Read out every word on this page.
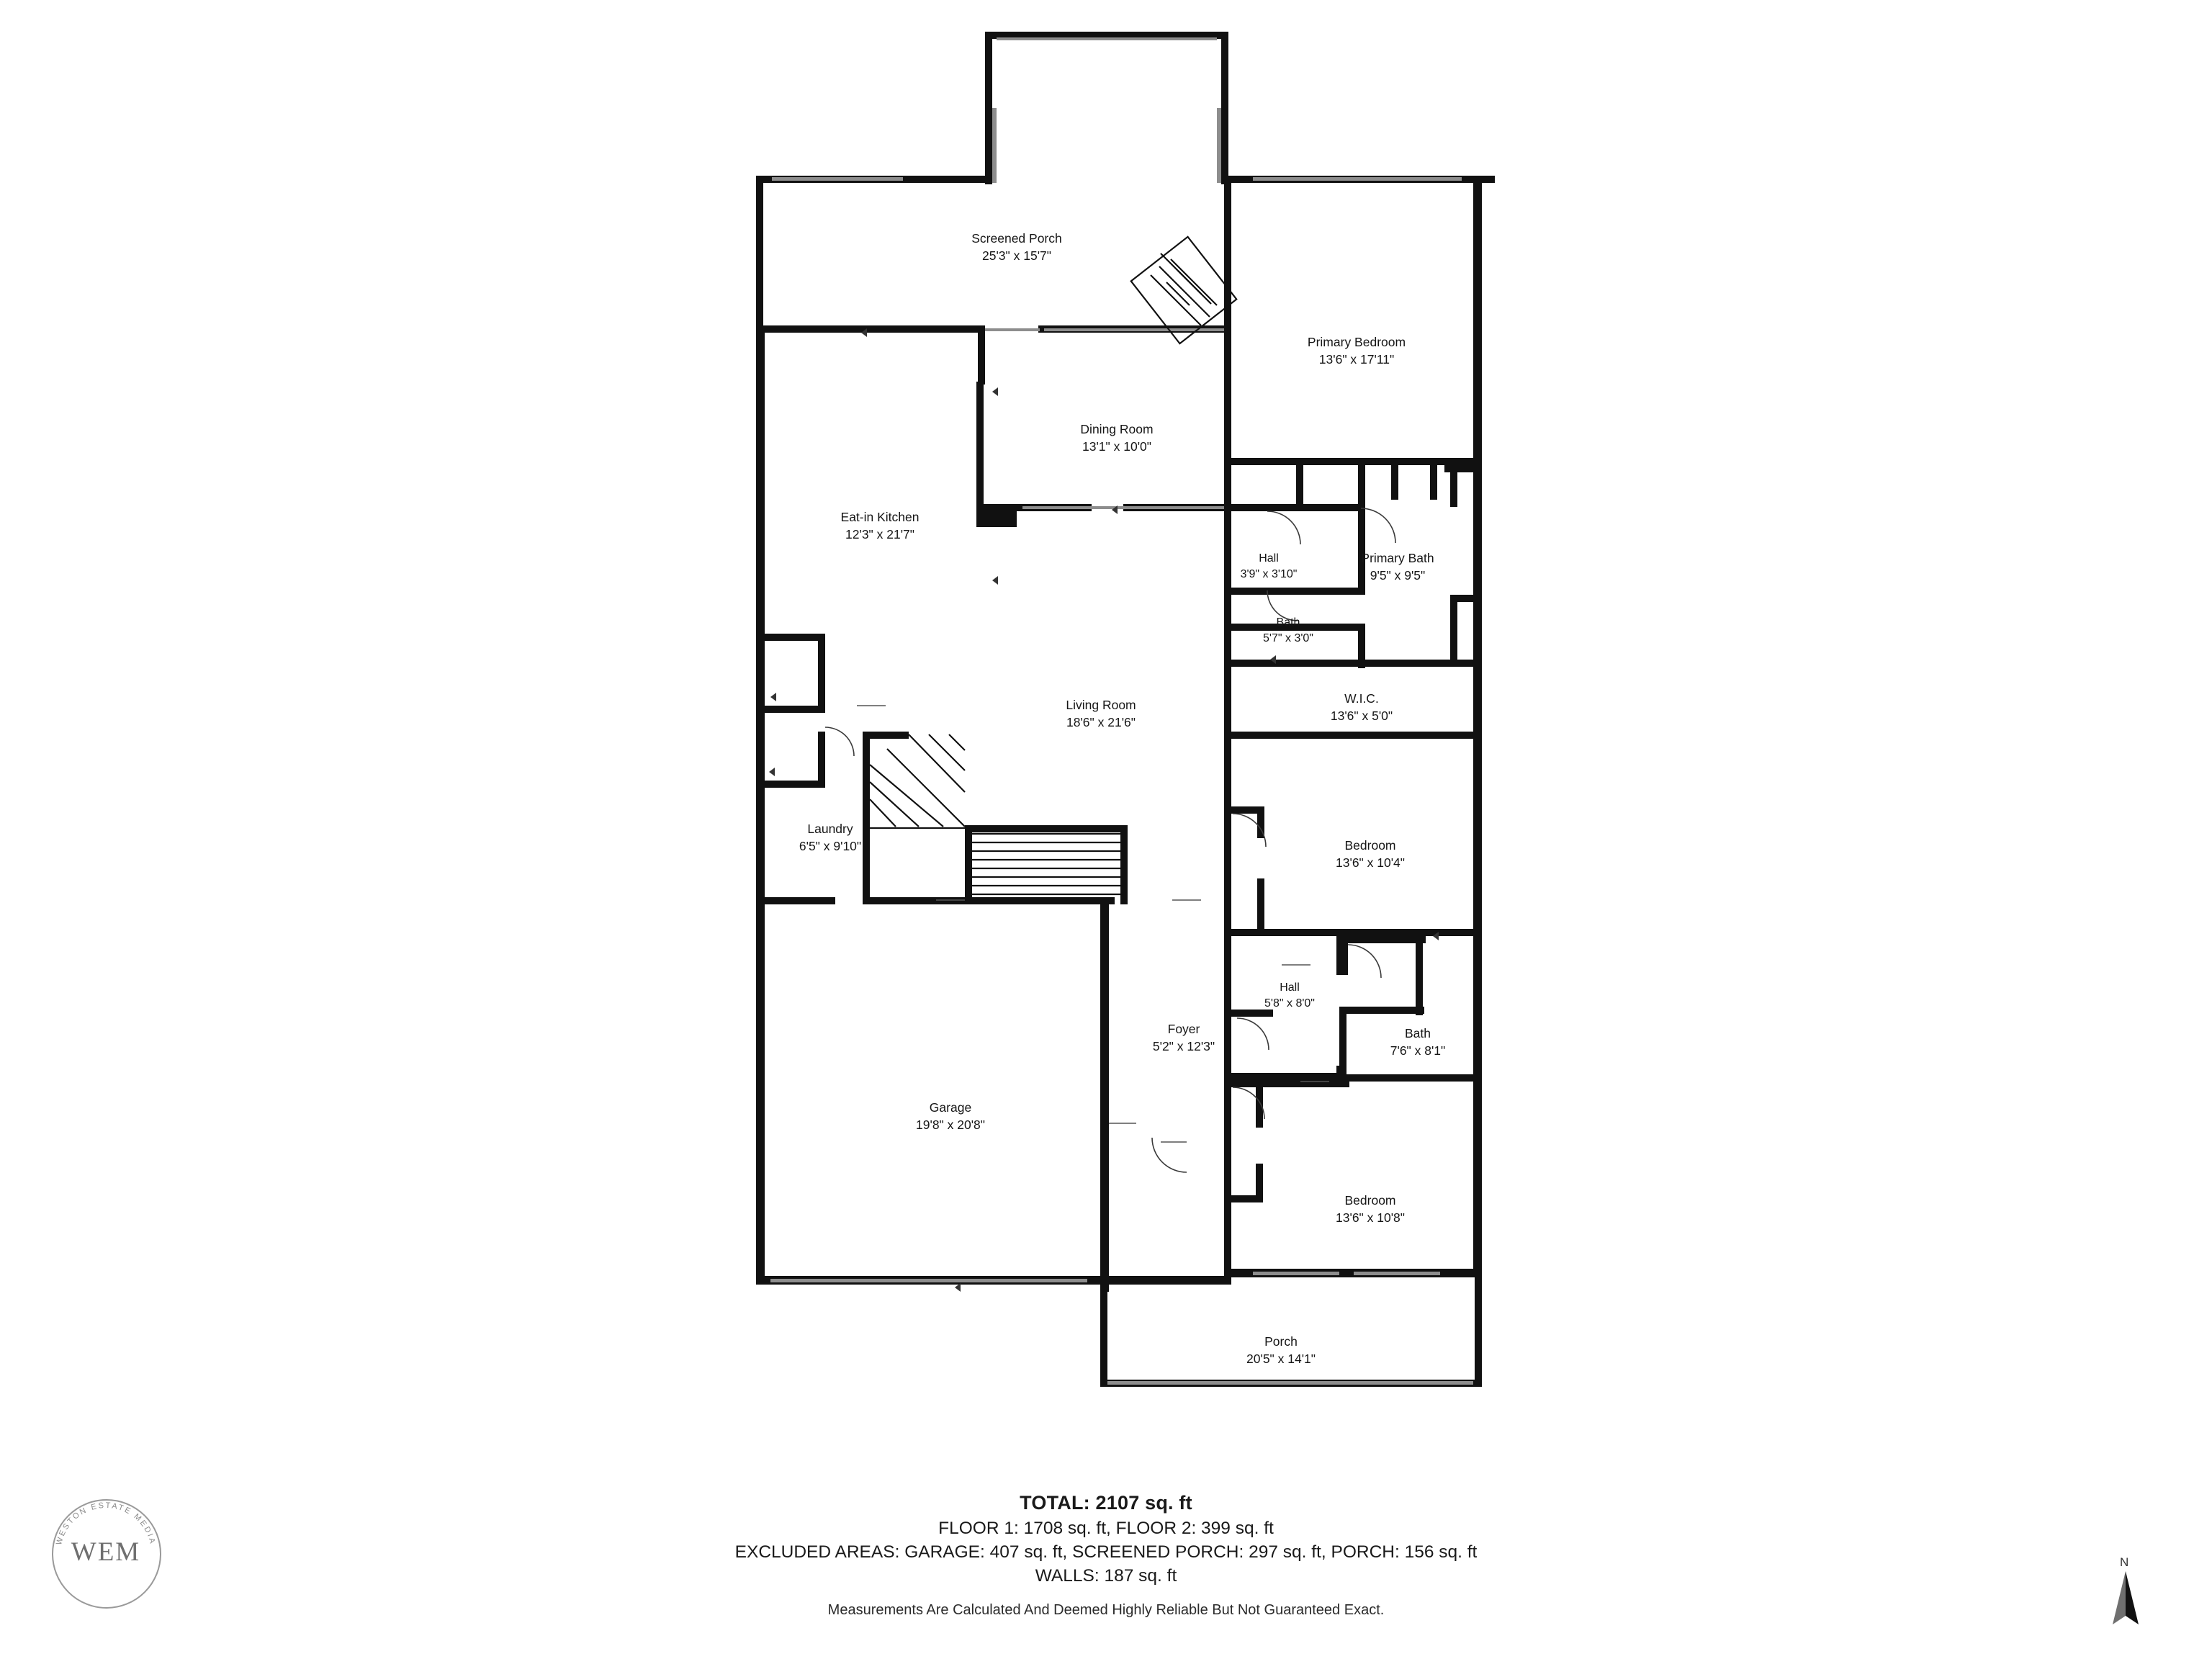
Screened Porch
25'3" x 15'7"
Primary Bedroom
13'6" x 17'11"
Dining Room
13'1" x 10'0"
Eat-in Kitchen
12'3" x 21'7"
Primary Bath
9'5" x 9'5"
Hall
3'9" x 3'10"
Bath
5'7" x 3'0"
W.I.C.
13'6" x 5'0"
Living Room
18'6" x 21'6"
Laundry
6'5" x 9'10"	Bedroom
13'6" x 10'4"
Hall
5'8" x 8'0"
Foyer
5'2" x 12'3"
Bath
7'6" x 8'1"
Garage
19'8" x 20'8"
Bedroom
13'6" x 10'8"
Porch
20'5" x 14'1"
TOTAL: 2107 sq. ft
FLOOR 1: 1708 sq. ft, FLOOR 2: 399 sq. ft
EXCLUDED AREAS: GARAGE: 407 sq. ft, SCREENED PORCH: 297 sq. ft, PORCH: 156 sq. ft
WALLS: 187 sq. ft
Measurements Are Calculated And Deemed Highly Reliable But Not Guaranteed Exact.
WESTON ESTATE MEDIA
WEM	N
